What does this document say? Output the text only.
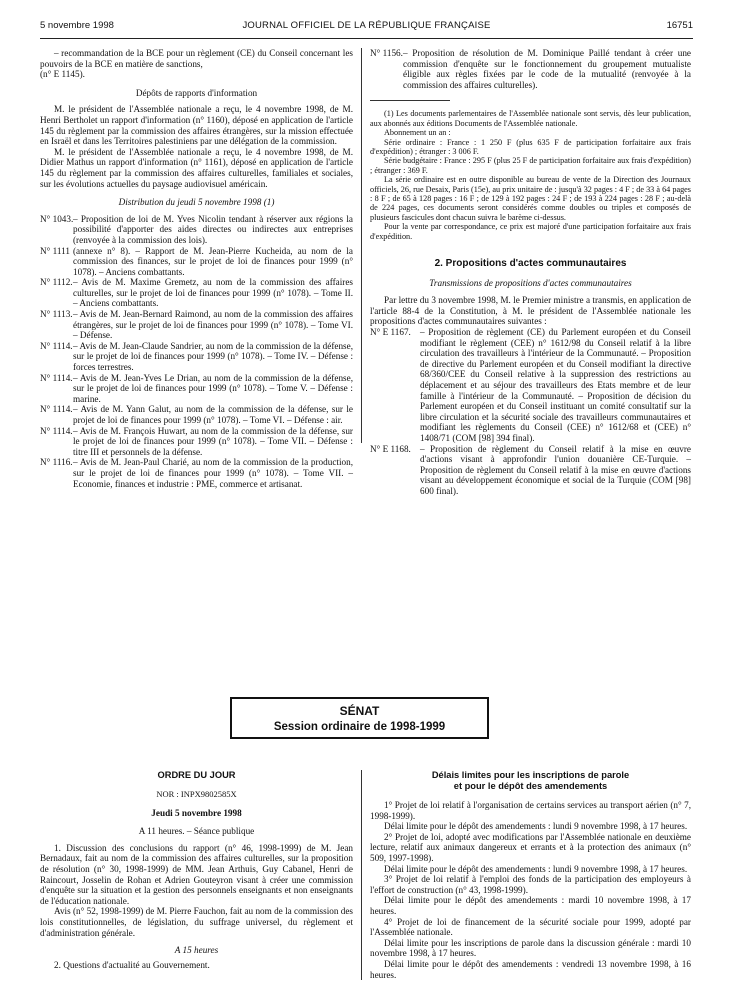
5 novembre 1998	JOURNAL OFFICIEL DE LA RÉPUBLIQUE FRANÇAISE	16751

– recommandation de la BCE pour un règlement (CE) du Conseil concernant les pouvoirs de la BCE en matière de sanctions,

(n° E 1145).

Dépôts de rapports d'information

M. le président de l'Assemblée nationale a reçu, le 4 novembre 1998, de M. Henri Bertholet un rapport d'information (n° 1160), déposé en application de l'article 145 du règlement par la commission des affaires étrangères, sur la mission effectuée en Israël et dans les Territoires palestiniens par une délégation de la commission.

M. le président de l'Assemblée nationale a reçu, le 4 novembre 1998, de M. Didier Mathus un rapport d'information (n° 1161), déposé en application de l'article 145 du règlement par la commission des affaires culturelles, familiales et sociales, sur les évolutions actuelles du paysage audiovisuel américain.

Distribution du jeudi 5 novembre 1998 (1)

N° 1043. – Proposition de loi de M. Yves Nicolin tendant à réserver aux régions la possibilité d'apporter des aides directes ou indirectes aux entreprises (renvoyée à la commission des lois).
N° 1111 (annexe n° 8). – Rapport de M. Jean-Pierre Kucheida, au nom de la commission des finances, sur le projet de loi de finances pour 1999 (n° 1078). – Anciens combattants.
N° 1112. – Avis de M. Maxime Gremetz, au nom de la commission des affaires culturelles, sur le projet de loi de finances pour 1999 (n° 1078). – Tome II. – Anciens combattants.
N° 1113. – Avis de M. Jean-Bernard Raimond, au nom de la commission des affaires étrangères, sur le projet de loi de finances pour 1999 (n° 1078). – Tome VI. – Défense.
N° 1114. – Avis de M. Jean-Claude Sandrier, au nom de la commission de la défense, sur le projet de loi de finances pour 1999 (n° 1078). – Tome IV. – Défense : forces terrestres.
N° 1114. – Avis de M. Jean-Yves Le Drian, au nom de la commission de la défense, sur le projet de loi de finances pour 1999 (n° 1078). – Tome V. – Défense : marine.
N° 1114. – Avis de M. Yann Galut, au nom de la commission de la défense, sur le projet de loi de finances pour 1999 (n° 1078). – Tome VI. – Défense : air.
N° 1114. – Avis de M. François Huwart, au nom de la commission de la défense, sur le projet de loi de finances pour 1999 (n° 1078). – Tome VII. – Défense : titre III et personnels de la défense.
N° 1116. – Avis de M. Jean-Paul Charié, au nom de la commission de la production, sur le projet de loi de finances pour 1999 (n° 1078). – Tome VII. – Economie, finances et industrie : PME, commerce et artisanat.
N° 1156. – Proposition de résolution de M. Dominique Paillé tendant à créer une commission d'enquête sur le fonctionnement du groupement mutualiste éligible aux règles fixées par le code de la mutualité (renvoyée à la commission des affaires culturelles).

(1) Les documents parlementaires de l'Assemblée nationale sont servis, dès leur publication, aux abonnés aux éditions Documents de l'Assemblée nationale.

Abonnement un an :

Série ordinaire : France : 1 250 F (plus 635 F de participation forfaitaire aux frais d'expédition) ; étranger : 3 006 F.

Série budgétaire : France : 295 F (plus 25 F de participation forfaitaire aux frais d'expédition) ; étranger : 369 F.

La série ordinaire est en outre disponible au bureau de vente de la Direction des Journaux officiels, 26, rue Desaix, Paris (15e), au prix unitaire de : jusqu'à 32 pages : 4 F ; de 33 à 64 pages : 8 F ; de 65 à 128 pages : 16 F ; de 129 à 192 pages : 24 F ; de 193 à 224 pages : 28 F ; au-delà de 224 pages, ces documents seront considérés comme doubles ou triples et composés de plusieurs fascicules dont chacun suivra le barème ci-dessus.

Pour la vente par correspondance, ce prix est majoré d'une participation forfaitaire aux frais d'expédition.

2. Propositions d'actes communautaires

Transmissions de propositions d'actes communautaires

Par lettre du 3 novembre 1998, M. le Premier ministre a transmis, en application de l'article 88-4 de la Constitution, à M. le président de l'Assemblée nationale les propositions d'actes communautaires suivantes :

N° E 1167. – Proposition de règlement (CE) du Parlement européen et du Conseil modifiant le règlement (CEE) n° 1612/98 du Conseil relatif à la libre circulation des travailleurs à l'intérieur de la Communauté. – Proposition de directive du Parlement européen et du Conseil modifiant la directive 68/360/CEE du Conseil relative à la suppression des restrictions au déplacement et au séjour des travailleurs des Etats membre et de leur famille à l'intérieur de la Communauté. – Proposition de décision du Parlement européen et du Conseil instituant un comité consultatif sur la libre circulation et la sécurité sociale des travailleurs communautaires et modifiant les règlements du Conseil (CEE) n° 1612/68 et (CEE) n° 1408/71 (COM [98] 394 final).
N° E 1168. – Proposition de règlement du Conseil relatif à la mise en œuvre d'actions visant à approfondir l'union douanière CE-Turquie. – Proposition de règlement du Conseil relatif à la mise en œuvre d'actions visant au développement économique et social de la Turquie (COM [98] 600 final).
SÉNAT
Session ordinaire de 1998-1999

ORDRE DU JOUR

NOR : INPX9802585X

Jeudi 5 novembre 1998

A 11 heures. – Séance publique

1. Discussion des conclusions du rapport (n° 46, 1998-1999) de M. Jean Bernadaux, fait au nom de la commission des affaires culturelles, sur la proposition de résolution (n° 30, 1998-1999) de MM. Jean Arthuis, Guy Cabanel, Henri de Raincourt, Josselin de Rohan et Adrien Gouteyron visant à créer une commission d'enquête sur la situation et la gestion des personnels enseignants et non enseignants de l'éducation nationale.

Avis (n° 52, 1998-1999) de M. Pierre Fauchon, fait au nom de la commission des lois constitutionnelles, de législation, du suffrage universel, du règlement et d'administration générale.

A 15 heures

2. Questions d'actualité au Gouvernement.

Délais limites pour les inscriptions de parole
et pour le dépôt des amendements

1° Projet de loi relatif à l'organisation de certains services au transport aérien (n° 7, 1998-1999).

Délai limite pour le dépôt des amendements : lundi 9 novembre 1998, à 17 heures.

2° Projet de loi, adopté avec modifications par l'Assemblée nationale en deuxième lecture, relatif aux animaux dangereux et errants et à la protection des animaux (n° 509, 1997-1998).

Délai limite pour le dépôt des amendements : lundi 9 novembre 1998, à 17 heures.

3° Projet de loi relatif à l'emploi des fonds de la participation des employeurs à l'effort de construction (n° 43, 1998-1999).

Délai limite pour le dépôt des amendements : mardi 10 novembre 1998, à 17 heures.

4° Projet de loi de financement de la sécurité sociale pour 1999, adopté par l'Assemblée nationale.

Délai limite pour les inscriptions de parole dans la discussion générale : mardi 10 novembre 1998, à 17 heures.

Délai limite pour le dépôt des amendements : vendredi 13 novembre 1998, à 16 heures.
